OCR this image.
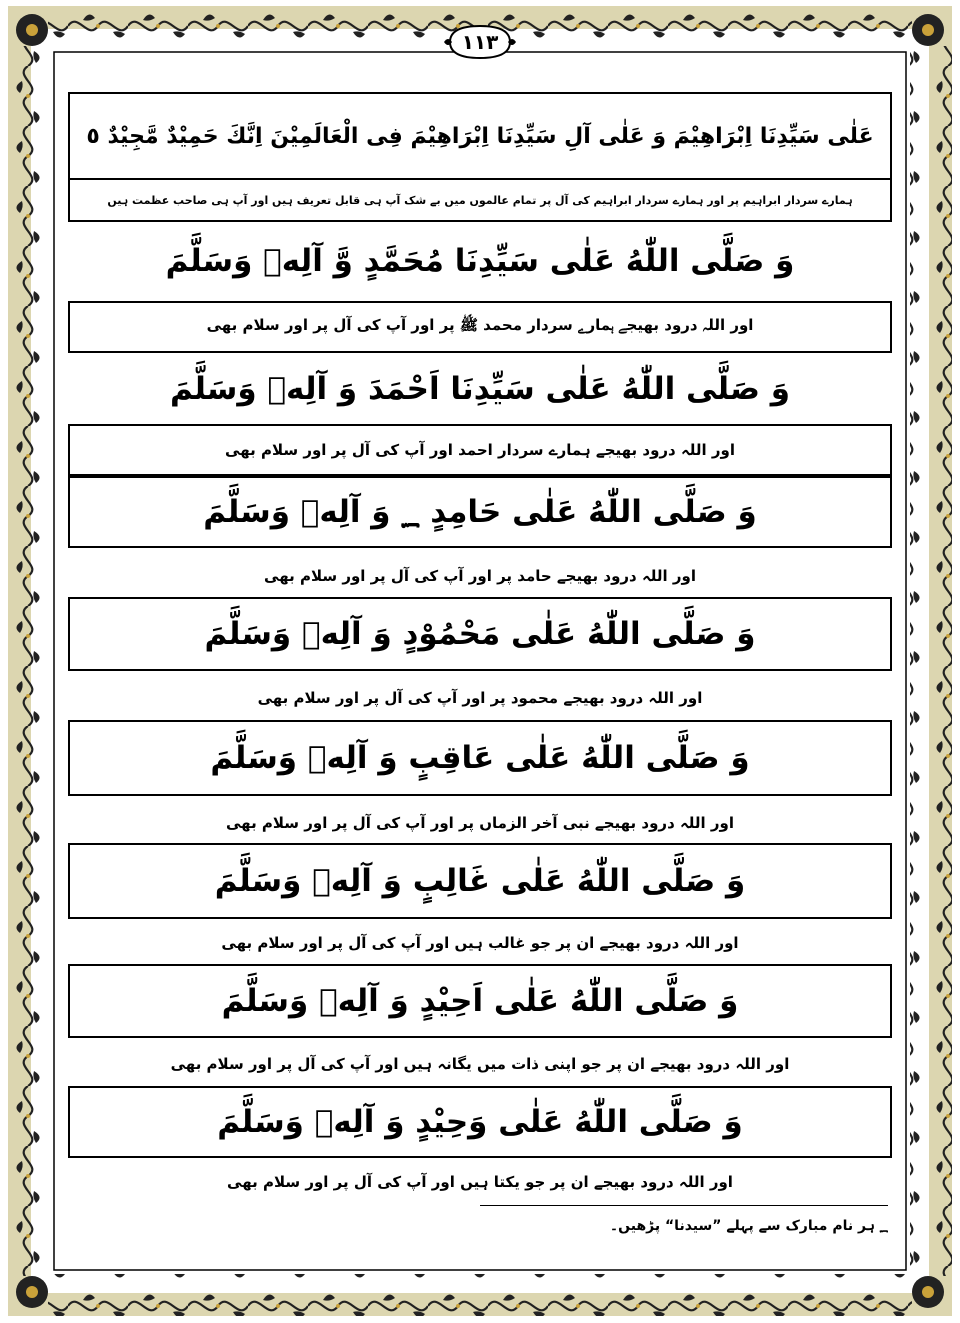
١١٣
عَلٰى سَيِّدِنَا اِبْرَاهِيْمَ وَ عَلٰى آلِ سَيِّدِنَا اِبْرَاهِيْمَ فِى الْعَالَمِيْنَ اِنَّكَ حَمِيْدٌ مَّجِيْدٌ ٥
ہمارے سردار ابراہیم پر اور ہمارے سردار ابراہیم کی آل پر تمام عالموں میں بے شک آپ ہی قابل تعریف ہیں اور آپ ہی صاحب عظمت ہیں
وَ صَلَّى اللّٰهُ عَلٰى سَيِّدِنَا مُحَمَّدٍ وَّ آلِهٖ وَسَلَّمَ
اور اللہ درود بھیجے ہمارے سردار محمد ﷺ پر اور آپ کی آل پر اور سلام بھی
وَ صَلَّى اللّٰهُ عَلٰى سَيِّدِنَا اَحْمَدَ وَ آلِهٖ وَسَلَّمَ
اور اللہ درود بھیجے ہمارے سردار احمد اور آپ کی آل پر اور سلام بھی
وَ صَلَّى اللّٰهُ عَلٰى حَامِدٍ ؁ وَ آلِهٖ وَسَلَّمَ
اور اللہ درود بھیجے حامد پر اور آپ کی آل پر اور سلام بھی
وَ صَلَّى اللّٰهُ عَلٰى مَحْمُوْدٍ وَ آلِهٖ وَسَلَّمَ
اور اللہ درود بھیجے محمود پر اور آپ کی آل پر اور سلام بھی
وَ صَلَّى اللّٰهُ عَلٰى عَاقِبٍ وَ آلِهٖ وَسَلَّمَ
اور اللہ درود بھیجے نبی آخر الزماں پر اور آپ کی آل پر اور سلام بھی
وَ صَلَّى اللّٰهُ عَلٰى غَالِبٍ وَ آلِهٖ وَسَلَّمَ
اور اللہ درود بھیجے ان پر جو غالب ہیں اور آپ کی آل پر اور سلام بھی
وَ صَلَّى اللّٰهُ عَلٰى اَحِيْدٍ وَ آلِهٖ وَسَلَّمَ
اور اللہ درود بھیجے ان پر جو اپنی ذات میں یگانہ ہیں اور آپ کی آل پر اور سلام بھی
وَ صَلَّى اللّٰهُ عَلٰى وَحِيْدٍ وَ آلِهٖ وَسَلَّمَ
اور اللہ درود بھیجے ان پر جو یکتا ہیں اور آپ کی آل پر اور سلام بھی
؁ ہر نام مبارک سے پہلے ”سیدنا“ پڑھیں۔
